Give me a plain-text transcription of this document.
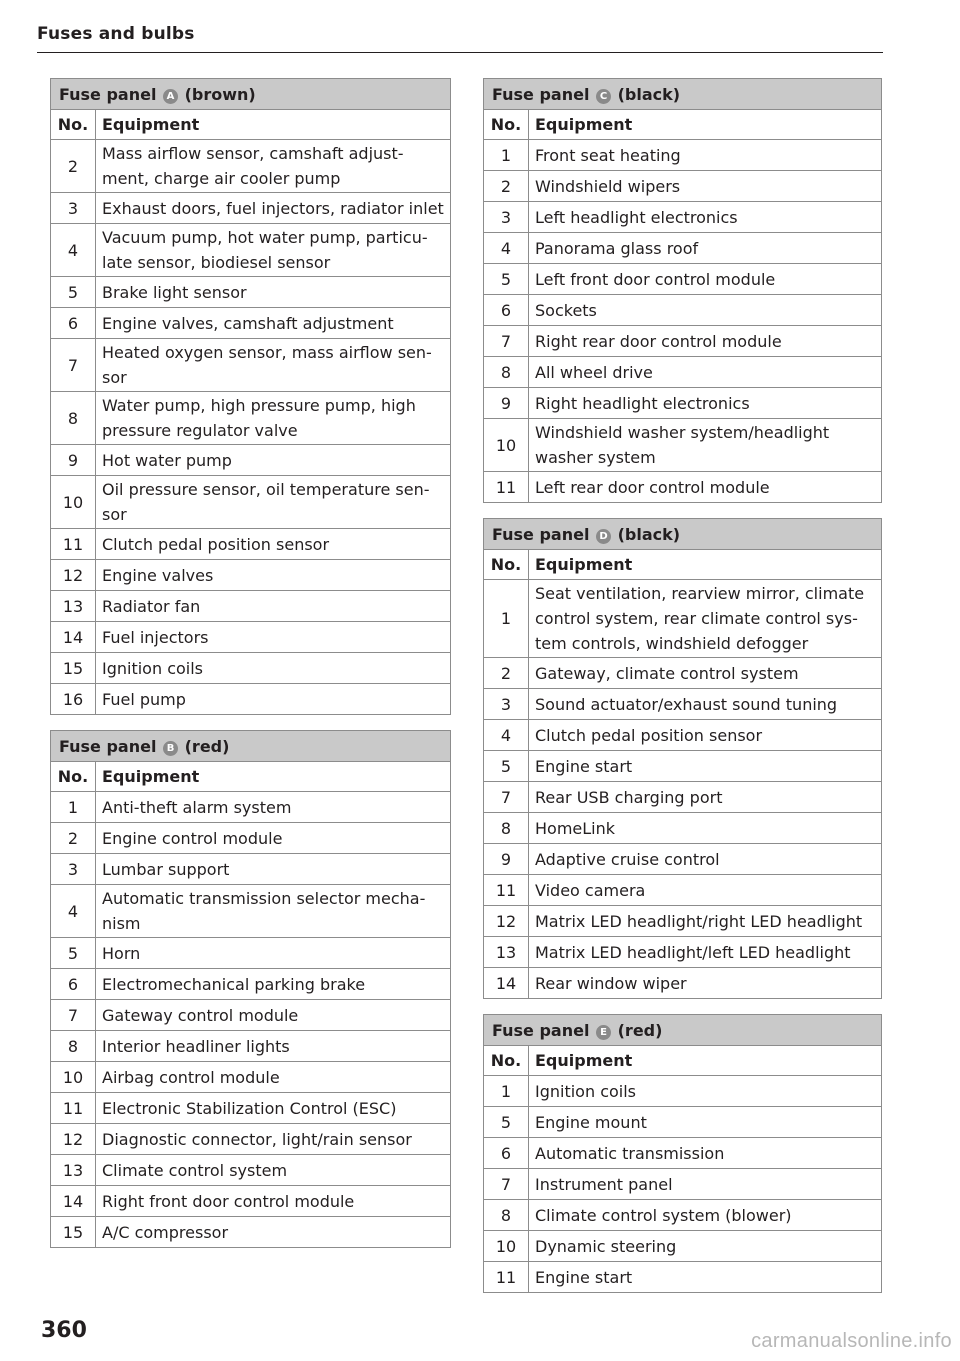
Fuses and bulbs
Fuse panel A (brown)	
No.	Equipment
2	Mass airflow sensor, camshaft adjust-ment, charge air cooler pump
3	Exhaust doors, fuel injectors, radiator inlet
4	Vacuum pump, hot water pump, particu-late sensor, biodiesel sensor
5	Brake light sensor
6	Engine valves, camshaft adjustment
7	Heated oxygen sensor, mass airflow sen-sor
8	Water pump, high pressure pump, high pressure regulator valve
9	Hot water pump
10	Oil pressure sensor, oil temperature sen-sor
11	Clutch pedal position sensor
12	Engine valves
13	Radiator fan
14	Fuel injectors
15	Ignition coils
16	Fuel pump
Fuse panel B (red)	
No.	Equipment
1	Anti-theft alarm system
2	Engine control module
3	Lumbar support
4	Automatic transmission selector mecha-nism
5	Horn
6	Electromechanical parking brake
7	Gateway control module
8	Interior headliner lights
10	Airbag control module
11	Electronic Stabilization Control (ESC)
12	Diagnostic connector, light/rain sensor
13	Climate control system
14	Right front door control module
15	A/C compressor
Fuse panel C (black)	
No.	Equipment
1	Front seat heating
2	Windshield wipers
3	Left headlight electronics
4	Panorama glass roof
5	Left front door control module
6	Sockets
7	Right rear door control module
8	All wheel drive
9	Right headlight electronics
10	Windshield washer system/headlight washer system
11	Left rear door control module
Fuse panel D (black)	
No.	Equipment
1	Seat ventilation, rearview mirror, climate control system, rear climate control sys-tem controls, windshield defogger
2	Gateway, climate control system
3	Sound actuator/exhaust sound tuning
4	Clutch pedal position sensor
5	Engine start
7	Rear USB charging port
8	HomeLink
9	Adaptive cruise control
11	Video camera
12	Matrix LED headlight/right LED headlight
13	Matrix LED headlight/left LED headlight
14	Rear window wiper
Fuse panel E (red)	
No.	Equipment
1	Ignition coils
5	Engine mount
6	Automatic transmission
7	Instrument panel
8	Climate control system (blower)
10	Dynamic steering
11	Engine start
360	carmanualsonline.info
